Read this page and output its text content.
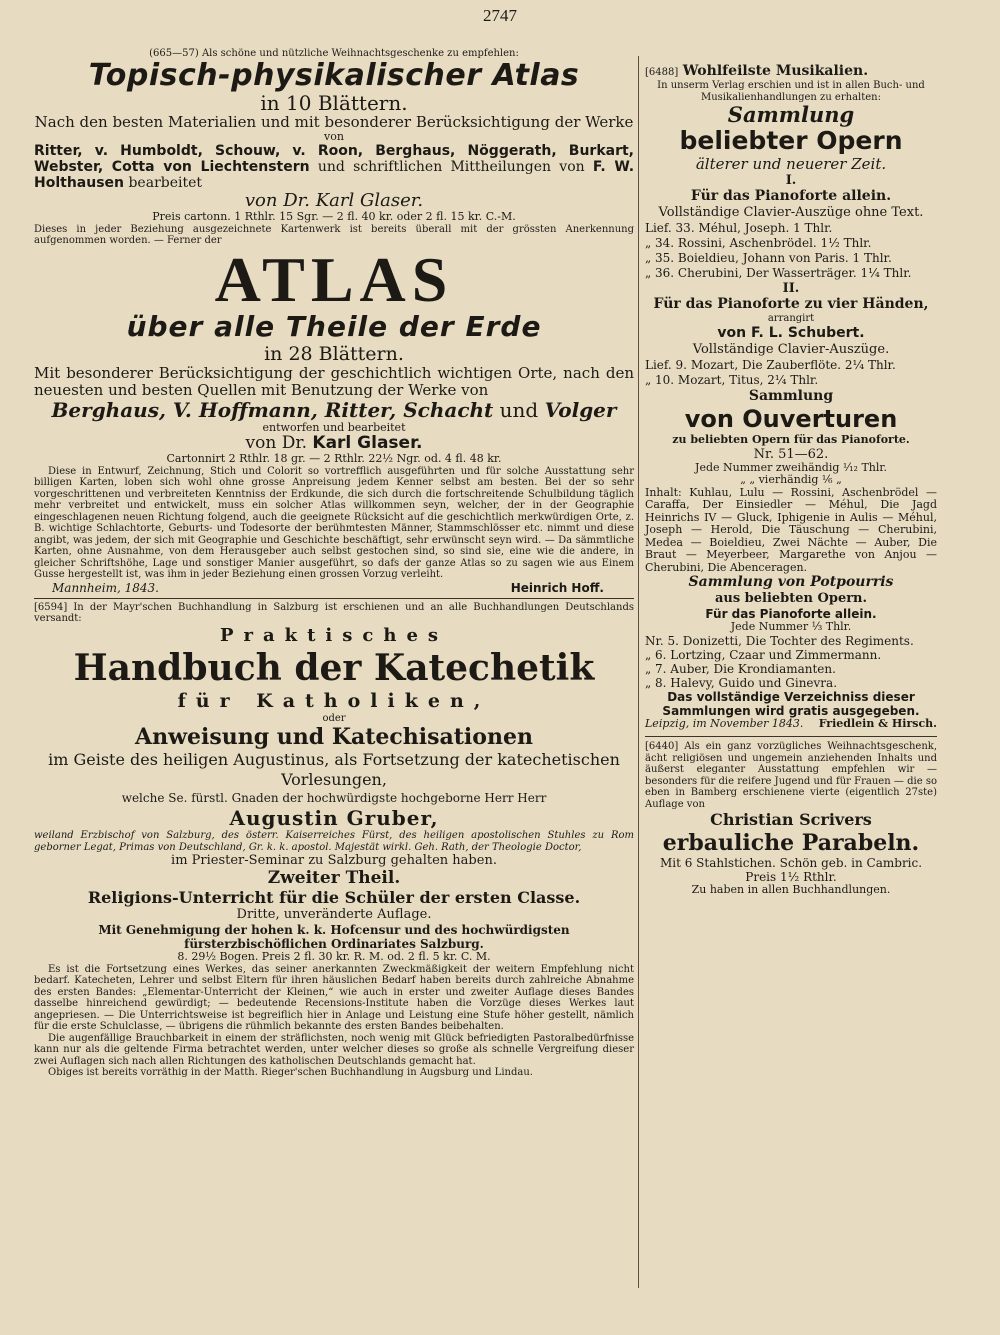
2747
(665—57) Als schöne und nützliche Weihnachtsgeschenke zu empfehlen:
Topisch-physikalischer Atlas
in 10 Blättern.
Nach den besten Materialien und mit besonderer Berücksichtigung der Werke
von
Ritter, v. Humboldt, Schouw, v. Roon, Berghaus, Nöggerath, Burkart, Webster, Cotta von Liechtenstern und schriftlichen Mittheilungen von F. W. Holthausen bearbeitet
von Dr. Karl Glaser.
Preis cartonn. 1 Rthlr. 15 Sgr. — 2 fl. 40 kr. oder 2 fl. 15 kr. C.-M.
Dieses in jeder Beziehung ausgezeichnete Kartenwerk ist bereits überall mit der grössten Anerkennung aufgenommen worden. — Ferner der
ATLAS
über alle Theile der Erde
in 28 Blättern.
Mit besonderer Berücksichtigung der geschichtlich wichtigen Orte, nach den neuesten und besten Quellen mit Benutzung der Werke von
Berghaus, V. Hoffmann, Ritter, Schacht und Volger
entworfen und bearbeitet
von Dr. Karl Glaser.
Cartonnirt 2 Rthlr. 18 gr. — 2 Rthlr. 22½ Ngr. od. 4 fl. 48 kr.
Diese in Entwurf, Zeichnung, Stich und Colorit so vortrefflich ausgeführten und für solche Ausstattung sehr billigen Karten, loben sich wohl ohne grosse Anpreisung jedem Kenner selbst am besten. Bei der so sehr vorgeschrittenen und verbreiteten Kenntniss der Erdkunde, die sich durch die fortschreitende Schulbildung täglich mehr verbreitet und entwickelt, muss ein solcher Atlas willkommen seyn, welcher, der in der Geographie eingeschlagenen neuen Richtung folgend, auch die geeignete Rücksicht auf die geschichtlich merkwürdigen Orte, z. B. wichtige Schlachtorte, Geburts- und Todesorte der berühmtesten Männer, Stammschlösser etc. nimmt und diese angibt, was jedem, der sich mit Geographie und Geschichte beschäftigt, sehr erwünscht seyn wird. — Da sämmtliche Karten, ohne Ausnahme, von dem Herausgeber auch selbst gestochen sind, so sind sie, eine wie die andere, in gleicher Schriftshöhe, Lage und sonstiger Manier ausgeführt, so dafs der ganze Atlas so zu sagen wie aus Einem Gusse hergestellt ist, was ihm in jeder Beziehung einen grossen Vorzug verleiht.
Mannheim, 1843.	Heinrich Hoff.
[6594] In der Mayr'schen Buchhandlung in Salzburg ist erschienen und an alle Buchhandlungen Deutschlands versandt:
Praktisches
Handbuch der Katechetik
für Katholiken,
oder
Anweisung und Katechisationen
im Geiste des heiligen Augustinus, als Fortsetzung der katechetischen Vorlesungen,
welche Se. fürstl. Gnaden der hochwürdigste hochgeborne Herr Herr
Augustin Gruber,
weiland Erzbischof von Salzburg, des österr. Kaiserreiches Fürst, des heiligen apostolischen Stuhles zu Rom geborner Legat, Primas von Deutschland, Gr. k. k. apostol. Majestät wirkl. Geh. Rath, der Theologie Doctor,
im Priester-Seminar zu Salzburg gehalten haben.
Zweiter Theil.
Religions-Unterricht für die Schüler der ersten Classe.
Dritte, unveränderte Auflage.
Mit Genehmigung der hohen k. k. Hofcensur und des hochwürdigsten fürsterzbischöflichen Ordinariates Salzburg.
8. 29½ Bogen. Preis 2 fl. 30 kr. R. M. od. 2 fl. 5 kr. C. M.
Es ist die Fortsetzung eines Werkes, das seiner anerkannten Zweckmäßigkeit der weitern Empfehlung nicht bedarf. Katecheten, Lehrer und selbst Eltern für ihren häuslichen Bedarf haben bereits durch zahlreiche Abnahme des ersten Bandes: „Elementar-Unterricht der Kleinen,“ wie auch in erster und zweiter Auflage dieses Bandes dasselbe hinreichend gewürdigt; — bedeutende Recensions-Institute haben die Vorzüge dieses Werkes laut angepriesen. — Die Unterrichtsweise ist begreiflich hier in Anlage und Leistung eine Stufe höher gestellt, nämlich für die erste Schulclasse, — übrigens die rühmlich bekannte des ersten Bandes beibehalten.
Die augenfällige Brauchbarkeit in einem der sträflichsten, noch wenig mit Glück befriedigten Pastoralbedürfnisse kann nur als die geltende Firma betrachtet werden, unter welcher dieses so große als schnelle Vergreifung dieser zwei Auflagen sich nach allen Richtungen des katholischen Deutschlands gemacht hat.
Obiges ist bereits vorräthig in der Matth. Rieger'schen Buchhandlung in Augsburg und Lindau.
[6488] Wohlfeilste Musikalien.
In unserm Verlag erschien und ist in allen Buch- und Musikalienhandlungen zu erhalten:
Sammlung
beliebter Opern
älterer und neuerer Zeit.
I.
Für das Pianoforte allein.
Vollständige Clavier-Auszüge ohne Text.
Lief. 33. Méhul, Joseph. 1 Thlr.
„ 34. Rossini, Aschenbrödel. 1½ Thlr.
„ 35. Boieldieu, Johann von Paris. 1 Thlr.
„ 36. Cherubini, Der Wasserträger. 1¼ Thlr.
II.
Für das Pianoforte zu vier Händen,
arrangirt
von F. L. Schubert.
Vollständige Clavier-Auszüge.
Lief. 9. Mozart, Die Zauberflöte. 2¼ Thlr.
„ 10. Mozart, Titus, 2¼ Thlr.
Sammlung
von Ouverturen
zu beliebten Opern für das Pianoforte.
Nr. 51—62.
Jede Nummer zweihändig ¹⁄₁₂ Thlr.
„ „ vierhändig ¹⁄₆ „
Inhalt: Kuhlau, Lulu — Rossini, Aschenbrödel — Caraffa, Der Einsiedler — Méhul, Die Jagd Heinrichs IV — Gluck, Iphigenie in Aulis — Méhul, Joseph — Herold, Die Täuschung — Cherubini, Medea — Boieldieu, Zwei Nächte — Auber, Die Braut — Meyerbeer, Margarethe von Anjou — Cherubini, Die Abenceragen.
Sammlung von Potpourris
aus beliebten Opern.
Für das Pianoforte allein.
Jede Nummer ⅓ Thlr.
Nr. 5. Donizetti, Die Tochter des Regiments.
„ 6. Lortzing, Czaar und Zimmermann.
„ 7. Auber, Die Krondiamanten.
„ 8. Halevy, Guido und Ginevra.
Das vollständige Verzeichniss dieser Sammlungen wird gratis ausgegeben.
Leipzig, im November 1843. Friedlein & Hirsch.
[6440] Als ein ganz vorzügliches Weihnachtsgeschenk, ächt religiösen und ungemein anziehenden Inhalts und äußerst eleganter Ausstattung empfehlen wir — besonders für die reifere Jugend und für Frauen — die so eben in Bamberg erschienene vierte (eigentlich 27ste) Auflage von
Christian Scrivers
erbauliche Parabeln.
Mit 6 Stahlstichen. Schön geb. in Cambric. Preis 1½ Rthlr.
Zu haben in allen Buchhandlungen.
